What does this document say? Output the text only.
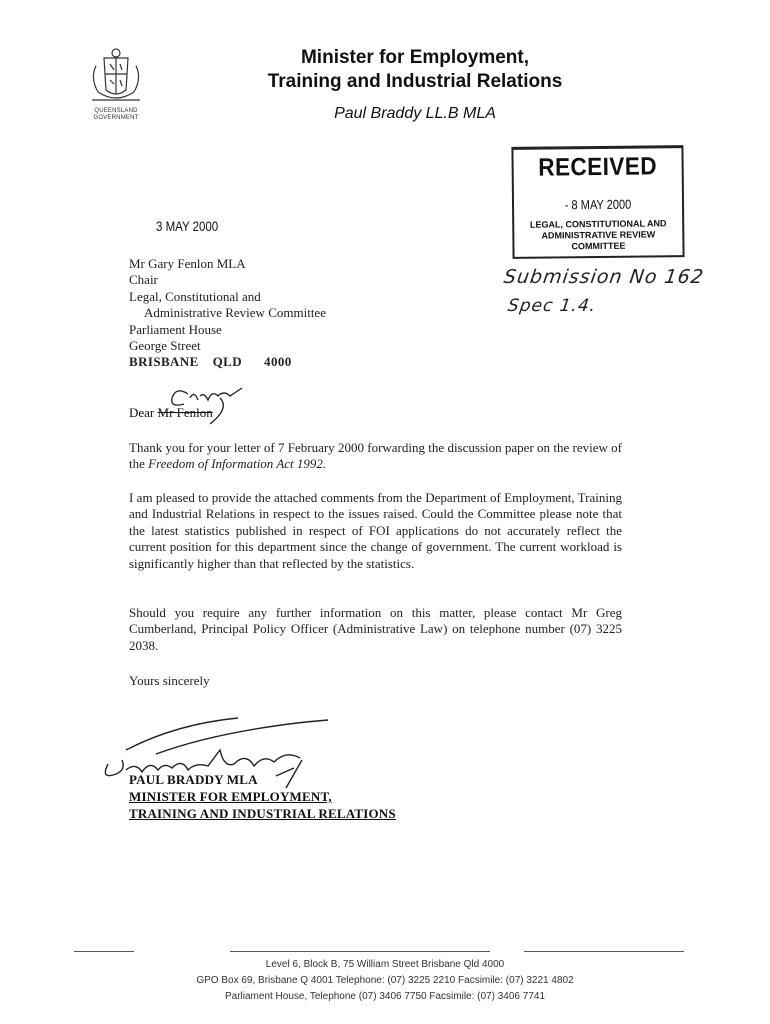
QUEENSLAND
GOVERNMENT
Minister for Employment,
Training and Industrial Relations
Paul Braddy LL.B MLA
RECEIVED
- 8 MAY 2000
LEGAL, CONSTITUTIONAL AND
ADMINISTRATIVE REVIEW
COMMITTEE
Submission No 162
Spec 1.4.
3 MAY 2000
Mr Gary Fenlon MLA
Chair
Legal, Constitutional and
Administrative Review Committee
Parliament House
George Street
BRISBANE QLD 4000
Dear Mr Fenlon
Thank you for your letter of 7 February 2000 forwarding the discussion paper on the review of the Freedom of Information Act 1992.
I am pleased to provide the attached comments from the Department of Employment, Training and Industrial Relations in respect to the issues raised. Could the Committee please note that the latest statistics published in respect of FOI applications do not accurately reflect the current position for this department since the change of government. The current workload is significantly higher than that reflected by the statistics.
Should you require any further information on this matter, please contact Mr Greg Cumberland, Principal Policy Officer (Administrative Law) on telephone number (07) 3225 2038.
Yours sincerely
PAUL BRADDY MLA
MINISTER FOR EMPLOYMENT,
TRAINING AND INDUSTRIAL RELATIONS
Level 6, Block B, 75 William Street Brisbane Qld 4000
GPO Box 69, Brisbane Q 4001 Telephone: (07) 3225 2210 Facsimile: (07) 3221 4802
Parliament House, Telephone (07) 3406 7750 Facsimile: (07) 3406 7741
